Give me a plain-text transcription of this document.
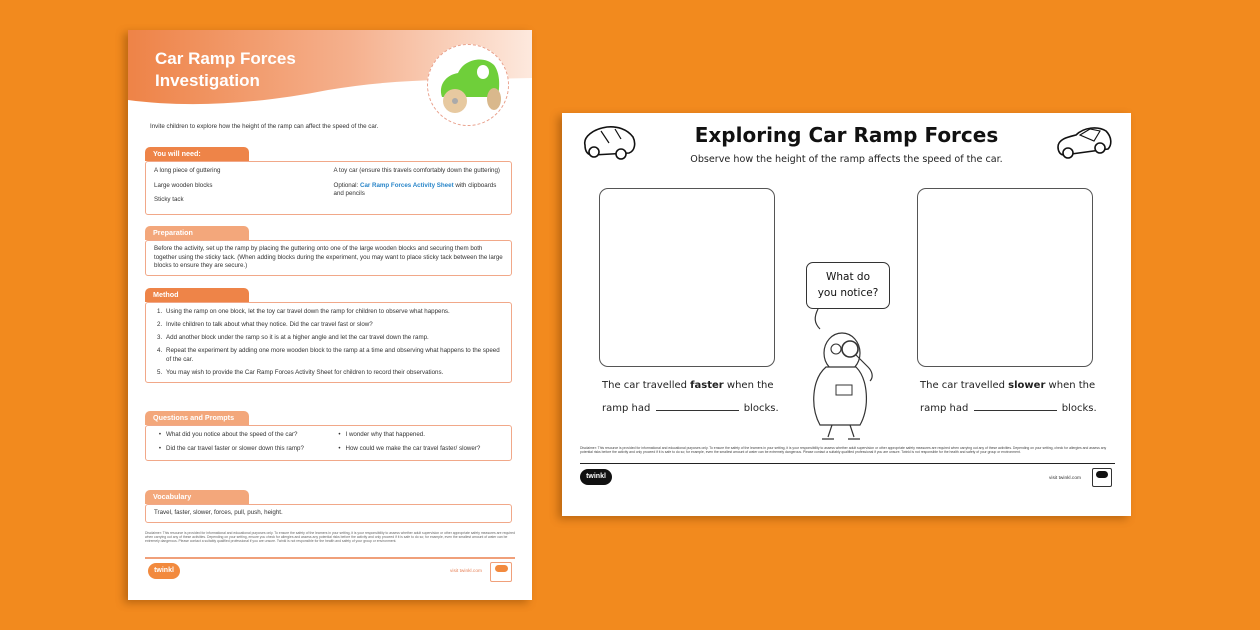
Car Ramp Forces
Investigation
Invite children to explore how the height of the ramp can affect the speed of the car.
You will need:

A long piece of guttering

Large wooden blocks

Sticky tack

A toy car (ensure this travels comfortably down the guttering)

Optional: Car Ramp Forces Activity Sheet with clipboards and pencils

Preparation
Before the activity, set up the ramp by placing the guttering onto one of the large wooden blocks and securing them both together using the sticky tack. (When adding blocks during the experiment, you may want to place sticky tack between the large blocks to ensure they are secure.)
Method
1. Using the ramp on one block, let the toy car travel down the ramp for children to observe what happens.
2. Invite children to talk about what they notice. Did the car travel fast or slow?
3. Add another block under the ramp so it is at a higher angle and let the car travel down the ramp.
4. Repeat the experiment by adding one more wooden block to the ramp at a time and observing what happens to the speed of the car.
5. You may wish to provide the Car Ramp Forces Activity Sheet for children to record their observations.
Questions and Prompts
• What did you notice about the speed of the car?
• Did the car travel faster or slower down this ramp?
• I wonder why that happened.
• How could we make the car travel faster/ slower?
Vocabulary
Travel, faster, slower, forces, pull, push, height.
Disclaimer: This resource is provided for informational and educational purposes only. To ensure the safety of the learners in your setting, it is your responsibility to assess whether adult supervision or other appropriate safety measures are required when carrying out any of these activities. Depending on your setting, ensure you check for allergies and assess any potential risks before the activity and only proceed if it is safe to do so; for example, even the smallest amount of water can be extremely dangerous. Please contact a suitably qualified professional if you are unsure. Twinkl is not responsible for the health and safety of your group or environment.
twinkl	visit twinkl.com
Exploring Car Ramp Forces
Observe how the height of the ramp affects the speed of the car.
The car travelled faster when the
ramp had	blocks.
The car travelled slower when the
ramp had	blocks.
What do
you notice?
Disclaimer: This resource is provided for informational and educational purposes only. To ensure the safety of the learners in your setting, it is your responsibility to assess whether adult supervision or other appropriate safety measures are required when carrying out any of these activities. Depending on your setting, check for allergies and assess any potential risks before the activity and only proceed if it is safe to do so; for example, even the smallest amount of water can be extremely dangerous. Please contact a suitably qualified professional if you are unsure. Twinkl is not responsible for the health and safety of your group or environment.
twinkl	visit twinkl.com
